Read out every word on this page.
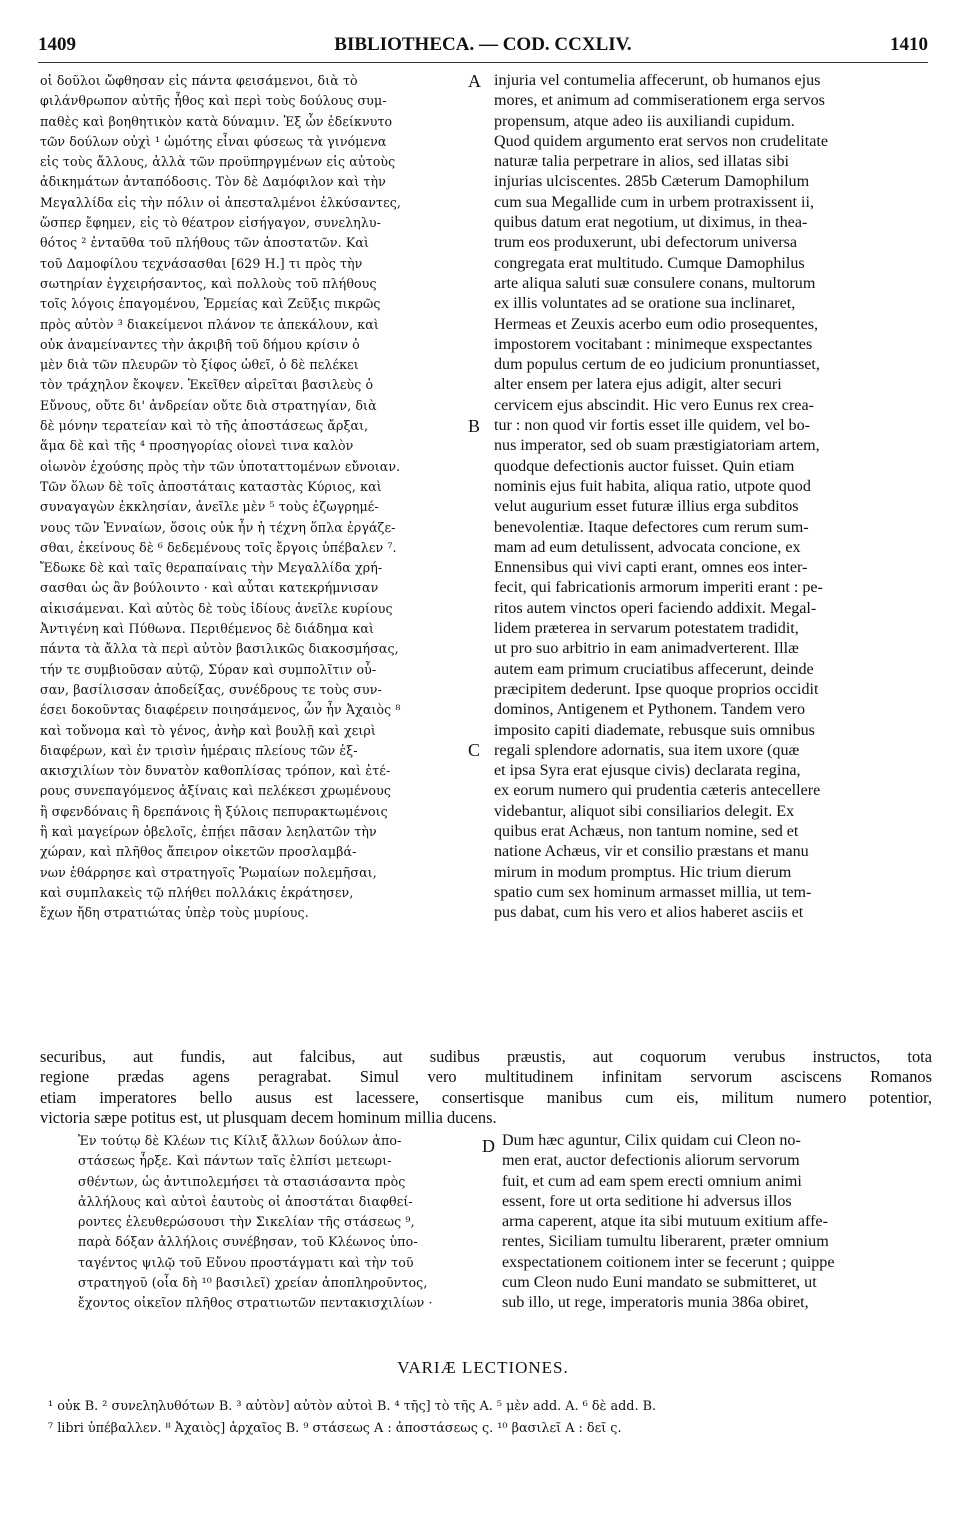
1409	BIBLIOTHECA. — COD. CCXLIV.	1410
A
B
C
D
οἱ δοῦλοι ὤφθησαν εἰς πάντα φεισάμενοι, διὰ τὸ
φιλάνθρωπον αὐτῆς ἦθος καὶ περὶ τοὺς δούλους συμ-
παθὲς καὶ βοηθητικὸν κατὰ δύναμιν. Ἐξ ὧν ἐδείκνυτο
τῶν δούλων οὐχὶ ¹ ὠμότης εἶναι φύσεως τὰ γινόμενα
εἰς τοὺς ἄλλους, ἀλλὰ τῶν προϋπηργμένων εἰς αὐτοὺς
ἀδικημάτων ἀνταπόδοσις. Τὸν δὲ Δαμόφιλον καὶ τὴν
Μεγαλλίδα εἰς τὴν πόλιν οἱ ἀπεσταλμένοι ἑλκύσαντες,
ὥσπερ ἔφημεν, εἰς τὸ θέατρον εἰσήγαγον, συνεληλυ-
θότος ² ἐνταῦθα τοῦ πλήθους τῶν ἀποστατῶν. Καὶ
τοῦ Δαμοφίλου τεχνάσασθαι [629 H.] τι πρὸς τὴν
σωτηρίαν ἐγχειρήσαντος, καὶ πολλοὺς τοῦ πλήθους
τοῖς λόγοις ἐπαγομένου, Ἑρμείας καὶ Ζεῦξις πικρῶς
πρὸς αὐτὸν ³ διακείμενοι πλάνον τε ἀπεκάλουν, καὶ
οὐκ ἀναμείναντες τὴν ἀκριβῆ τοῦ δήμου κρίσιν ὁ
μὲν διὰ τῶν πλευρῶν τὸ ξίφος ὠθεῖ, ὁ δὲ πελέκει
τὸν τράχηλον ἔκοψεν. Ἐκεῖθεν αἱρεῖται βασιλεὺς ὁ
Εὔνους, οὔτε δι' ἀνδρείαν οὔτε διὰ στρατηγίαν, διὰ
δὲ μόνην τερατείαν καὶ τὸ τῆς ἀποστάσεως ἄρξαι,
ἅμα δὲ καὶ τῆς ⁴ προσηγορίας οἱονεὶ τινα καλὸν
οἰωνὸν ἐχούσης πρὸς τὴν τῶν ὑποταττομένων εὔνοιαν.
Τῶν ὅλων δὲ τοῖς ἀποστάταις καταστὰς Κύριος, καὶ
συναγαγὼν ἐκκλησίαν, ἀνεῖλε μὲν ⁵ τοὺς ἐζωγρημέ-
νους τῶν Ἐνναίων, ὅσοις οὐκ ἦν ἡ τέχνη ὅπλα ἐργάζε-
σθαι, ἐκείνους δὲ ⁶ δεδεμένους τοῖς ἔργοις ὑπέβαλεν ⁷.
Ἔδωκε δὲ καὶ ταῖς θεραπαίναις τὴν Μεγαλλίδα χρή-
σασθαι ὡς ἂν βούλοιντο · καὶ αὗται κατεκρήμνισαν
αἰκισάμεναι. Καὶ αὐτὸς δὲ τοὺς ἰδίους ἀνεῖλε κυρίους
Ἀντιγένη καὶ Πύθωνα. Περιθέμενος δὲ διάδημα καὶ
πάντα τὰ ἄλλα τὰ περὶ αὐτὸν βασιλικῶς διακοσμήσας,
τήν τε συμβιοῦσαν αὐτῷ, Σύραν καὶ συμπολῖτιν οὖ-
σαν, βασίλισσαν ἀποδείξας, συνέδρους τε τοὺς συν-
έσει δοκοῦντας διαφέρειν ποιησάμενος, ὧν ἦν Ἀχαιὸς ⁸
καὶ τοὔνομα καὶ τὸ γένος, ἀνὴρ καὶ βουλῇ καὶ χειρὶ
διαφέρων, καὶ ἐν τρισὶν ἡμέραις πλείους τῶν ἑξ-
ακισχιλίων τὸν δυνατὸν καθοπλίσας τρόπον, καὶ ἑτέ-
ρους συνεπαγόμενος ἀξίναις καὶ πελέκεσι χρωμένους
ἢ σφενδόναις ἢ δρεπάνοις ἢ ξύλοις πεπυρακτωμένοις
ἢ καὶ μαγείρων ὀβελοῖς, ἐπῄει πᾶσαν λεηλατῶν τὴν
χώραν, καὶ πλῆθος ἄπειρον οἰκετῶν προσλαμβά-
νων ἐθάρρησε καὶ στρατηγοῖς Ῥωμαίων πολεμῆσαι,
καὶ συμπλακεὶς τῷ πλήθει πολλάκις ἐκράτησεν,
ἔχων ἤδη στρατιώτας ὑπὲρ τοὺς μυρίους.
injuria vel contumelia affecerunt, ob humanos ejus
mores, et animum ad commiserationem erga servos
propensum, atque adeo iis auxiliandi cupidum.
Quod quidem argumento erat servos non crudelitate
naturæ talia perpetrare in alios, sed illatas sibi
injurias ulciscentes. 285b Cæterum Damophilum
cum sua Megallide cum in urbem protraxissent ii,
quibus datum erat negotium, ut diximus, in thea-
trum eos produxerunt, ubi defectorum universa
congregata erat multitudo. Cumque Damophilus
arte aliqua saluti suæ consulere conans, multorum
ex illis voluntates ad se oratione sua inclinaret,
Hermeas et Zeuxis acerbo eum odio prosequentes,
impostorem vocitabant : minimeque exspectantes
dum populus certum de eo judicium pronuntiasset,
alter ensem per latera ejus adigit, alter securi
cervicem ejus abscindit. Hic vero Eunus rex crea-
tur : non quod vir fortis esset ille quidem, vel bo-
nus imperator, sed ob suam præstigiatoriam artem,
quodque defectionis auctor fuisset. Quin etiam
nominis ejus fuit habita, aliqua ratio, utpote quod
velut augurium esset futuræ illius erga subditos
benevolentiæ. Itaque defectores cum rerum sum-
mam ad eum detulissent, advocata concione, ex
Ennensibus qui vivi capti erant, omnes eos inter-
fecit, qui fabricationis armorum imperiti erant : pe-
ritos autem vinctos operi faciendo addixit. Megal-
lidem præterea in servarum potestatem tradidit,
ut pro suo arbitrio in eam animadverterent. Illæ
autem eam primum cruciatibus affecerunt, deinde
præcipitem dederunt. Ipse quoque proprios occidit
dominos, Antigenem et Pythonem. Tandem vero
imposito capiti diademate, rebusque suis omnibus
regali splendore adornatis, sua item uxore (quæ
et ipsa Syra erat ejusque civis) declarata regina,
ex eorum numero qui prudentia cæteris antecellere
videbantur, aliquot sibi consiliarios delegit. Ex
quibus erat Achæus, non tantum nomine, sed et
natione Achæus, vir et consilio præstans et manu
mirum in modum promptus. Hic trium dierum
spatio cum sex hominum armasset millia, ut tem-
pus dabat, cum his vero et alios haberet asciis et
securibus, aut fundis, aut falcibus, aut sudibus præustis, aut coquorum verubus instructos, tota
regione prædas agens peragrabat. Simul vero multitudinem infinitam servorum asciscens Romanos
etiam imperatores bello ausus est lacessere, consertisque manibus cum eis, militum numero potentior,
victoria sæpe potitus est, ut plusquam decem hominum millia ducens.
Ἐν τούτῳ δὲ Κλέων τις Κίλιξ ἄλλων δούλων ἀπο-
στάσεως ἦρξε. Καὶ πάντων ταῖς ἐλπίσι μετεωρι-
σθέντων, ὡς ἀντιπολεμήσει τὰ στασιάσαντα πρὸς
ἀλλήλους καὶ αὐτοὶ ἑαυτοὺς οἱ ἀποστάται διαφθεί-
ροντες ἐλευθερώσουσι τὴν Σικελίαν τῆς στάσεως ⁹,
παρὰ δόξαν ἀλλήλοις συνέβησαν, τοῦ Κλέωνος ὑπο-
ταγέντος ψιλῷ τοῦ Εὔνου προστάγματι καὶ τὴν τοῦ
στρατηγοῦ (οἷα δὴ ¹⁰ βασιλεῖ) χρείαν ἀποπληροῦντος,
ἔχοντος οἰκεῖον πλῆθος στρατιωτῶν πεντακισχιλίων ·
Dum hæc aguntur, Cilix quidam cui Cleon no-
men erat, auctor defectionis aliorum servorum
fuit, et cum ad eam spem erecti omnium animi
essent, fore ut orta seditione hi adversus illos
arma caperent, atque ita sibi mutuum exitium affe-
rentes, Siciliam tumultu liberarent, præter omnium
exspectationem coitionem inter se fecerunt ; quippe
cum Cleon nudo Euni mandato se submitteret, ut
sub illo, ut rege, imperatoris munia 386a obiret,
VARIÆ LECTIONES.
¹ οὐκ B. ² συνεληλυθότων B. ³ αὐτὸν] αὐτὸν αὐτοὶ B. ⁴ τῆς] τὸ τῆς A. ⁵ μὲν add. A. ⁶ δὲ add. B.
⁷ libri ὑπέβαλλεν. ⁸ Ἀχαιὸς] ἀρχαῖος B. ⁹ στάσεως A : ἀποστάσεως ς. ¹⁰ βασιλεῖ A : δεῖ ς.
